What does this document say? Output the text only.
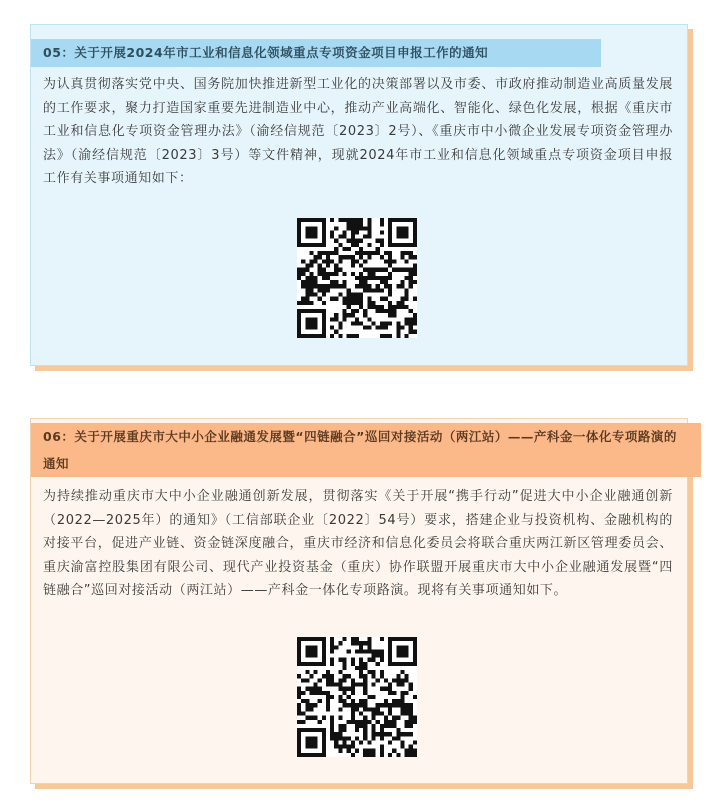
05：关于开展2024年市工业和信息化领域重点专项资金项目申报工作的通知
为认真贯彻落实党中央、国务院加快推进新型工业化的决策部署以及市委、市政府推动制造业高质量发展的工作要求，聚力打造国家重要先进制造业中心，推动产业高端化、智能化、绿色化发展，根据《重庆市工业和信息化专项资金管理办法》（渝经信规范〔2023〕2号）、《重庆市中小微企业发展专项资金管理办法》（渝经信规范〔2023〕3号）等文件精神，现就2024年市工业和信息化领域重点专项资金项目申报工作有关事项通知如下：
06：关于开展重庆市大中小企业融通发展暨“四链融合”巡回对接活动（两江站）——产科金一体化专项路演的通知
为持续推动重庆市大中小企业融通创新发展，贯彻落实《关于开展“携手行动”促进大中小企业融通创新（2022—2025年）的通知》（工信部联企业〔2022〕54号）要求，搭建企业与投资机构、金融机构的对接平台，促进产业链、资金链深度融合，重庆市经济和信息化委员会将联合重庆两江新区管理委员会、重庆渝富控股集团有限公司、现代产业投资基金（重庆）协作联盟开展重庆市大中小企业融通发展暨“四链融合”巡回对接活动（两江站）——产科金一体化专项路演。现将有关事项通知如下。
